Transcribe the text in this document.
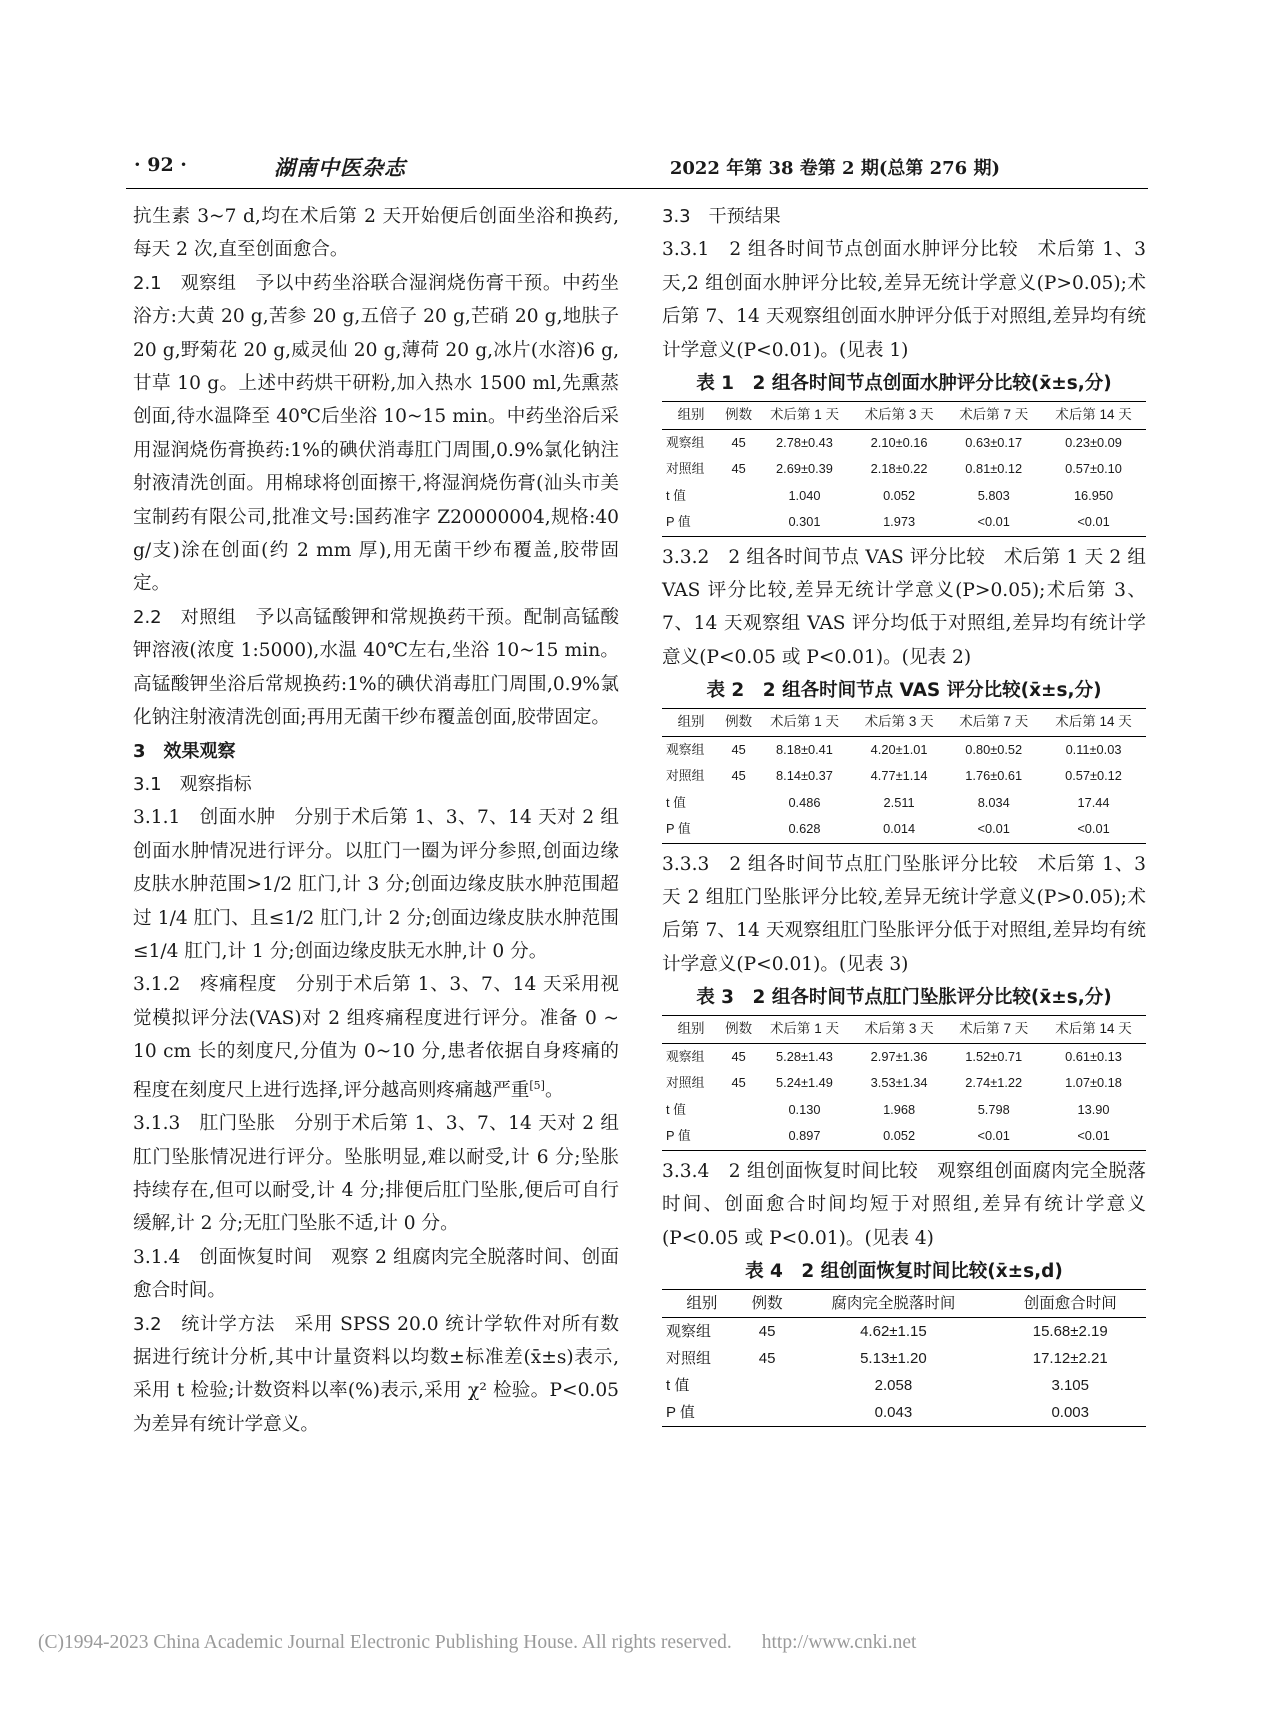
· 92 ·	湖南中医杂志	2022 年第 38 卷第 2 期(总第 276 期)

抗生素 3~7 d,均在术后第 2 天开始便后创面坐浴和换药,每天 2 次,直至创面愈合。

2.1　观察组　予以中药坐浴联合湿润烧伤膏干预。中药坐浴方:大黄 20 g,苦参 20 g,五倍子 20 g,芒硝 20 g,地肤子 20 g,野菊花 20 g,威灵仙 20 g,薄荷 20 g,冰片(水溶)6 g,甘草 10 g。上述中药烘干研粉,加入热水 1500 ml,先熏蒸创面,待水温降至 40℃后坐浴 10~15 min。中药坐浴后采用湿润烧伤膏换药:1%的碘伏消毒肛门周围,0.9%氯化钠注射液清洗创面。用棉球将创面擦干,将湿润烧伤膏(汕头市美宝制药有限公司,批准文号:国药准字 Z20000004,规格:40 g/支)涂在创面(约 2 mm 厚),用无菌干纱布覆盖,胶带固定。

2.2　对照组　予以高锰酸钾和常规换药干预。配制高锰酸钾溶液(浓度 1:5000),水温 40℃左右,坐浴 10~15 min。高锰酸钾坐浴后常规换药:1%的碘伏消毒肛门周围,0.9%氯化钠注射液清洗创面;再用无菌干纱布覆盖创面,胶带固定。

3　效果观察

3.1　观察指标

3.1.1　创面水肿　分别于术后第 1、3、7、14 天对 2 组创面水肿情况进行评分。以肛门一圈为评分参照,创面边缘皮肤水肿范围>1/2 肛门,计 3 分;创面边缘皮肤水肿范围超过 1/4 肛门、且≤1/2 肛门,计 2 分;创面边缘皮肤水肿范围≤1/4 肛门,计 1 分;创面边缘皮肤无水肿,计 0 分。

3.1.2　疼痛程度　分别于术后第 1、3、7、14 天采用视觉模拟评分法(VAS)对 2 组疼痛程度进行评分。准备 0 ~ 10 cm 长的刻度尺,分值为 0~10 分,患者依据自身疼痛的程度在刻度尺上进行选择,评分越高则疼痛越严重[5]。

3.1.3　肛门坠胀　分别于术后第 1、3、7、14 天对 2 组肛门坠胀情况进行评分。坠胀明显,难以耐受,计 6 分;坠胀持续存在,但可以耐受,计 4 分;排便后肛门坠胀,便后可自行缓解,计 2 分;无肛门坠胀不适,计 0 分。

3.1.4　创面恢复时间　观察 2 组腐肉完全脱落时间、创面愈合时间。

3.2　统计学方法　采用 SPSS 20.0 统计学软件对所有数据进行统计分析,其中计量资料以均数±标准差(x̄±s)表示,采用 t 检验;计数资料以率(%)表示,采用 χ² 检验。P<0.05 为差异有统计学意义。

3.3　干预结果

3.3.1　2 组各时间节点创面水肿评分比较　术后第 1、3 天,2 组创面水肿评分比较,差异无统计学意义(P>0.05);术后第 7、14 天观察组创面水肿评分低于对照组,差异均有统计学意义(P<0.01)。(见表 1)

表 1　2 组各时间节点创面水肿评分比较(x̄±s,分)
组别	例数	术后第 1 天	术后第 3 天	术后第 7 天	术后第 14 天
观察组	45	2.78±0.43	2.10±0.16	0.63±0.17	0.23±0.09
对照组	45	2.69±0.39	2.18±0.22	0.81±0.12	0.57±0.10
t 值		1.040	0.052	5.803	16.950
P 值		0.301	1.973	<0.01	<0.01

3.3.2　2 组各时间节点 VAS 评分比较　术后第 1 天 2 组 VAS 评分比较,差异无统计学意义(P>0.05);术后第 3、7、14 天观察组 VAS 评分均低于对照组,差异均有统计学意义(P<0.05 或 P<0.01)。(见表 2)

表 2　2 组各时间节点 VAS 评分比较(x̄±s,分)
组别	例数	术后第 1 天	术后第 3 天	术后第 7 天	术后第 14 天
观察组	45	8.18±0.41	4.20±1.01	0.80±0.52	0.11±0.03
对照组	45	8.14±0.37	4.77±1.14	1.76±0.61	0.57±0.12
t 值		0.486	2.511	8.034	17.44
P 值		0.628	0.014	<0.01	<0.01

3.3.3　2 组各时间节点肛门坠胀评分比较　术后第 1、3 天 2 组肛门坠胀评分比较,差异无统计学意义(P>0.05);术后第 7、14 天观察组肛门坠胀评分低于对照组,差异均有统计学意义(P<0.01)。(见表 3)

表 3　2 组各时间节点肛门坠胀评分比较(x̄±s,分)
组别	例数	术后第 1 天	术后第 3 天	术后第 7 天	术后第 14 天
观察组	45	5.28±1.43	2.97±1.36	1.52±0.71	0.61±0.13
对照组	45	5.24±1.49	3.53±1.34	2.74±1.22	1.07±0.18
t 值		0.130	1.968	5.798	13.90
P 值		0.897	0.052	<0.01	<0.01

3.3.4　2 组创面恢复时间比较　观察组创面腐肉完全脱落时间、创面愈合时间均短于对照组,差异有统计学意义(P<0.05 或 P<0.01)。(见表 4)

表 4　2 组创面恢复时间比较(x̄±s,d)
组别	例数	腐肉完全脱落时间	创面愈合时间
观察组	45	4.62±1.15	15.68±2.19
对照组	45	5.13±1.20	17.12±2.21
t 值		2.058	3.105
P 值		0.043	0.003
(C)1994-2023 China Academic Journal Electronic Publishing House. All rights reserved. http://www.cnki.net
